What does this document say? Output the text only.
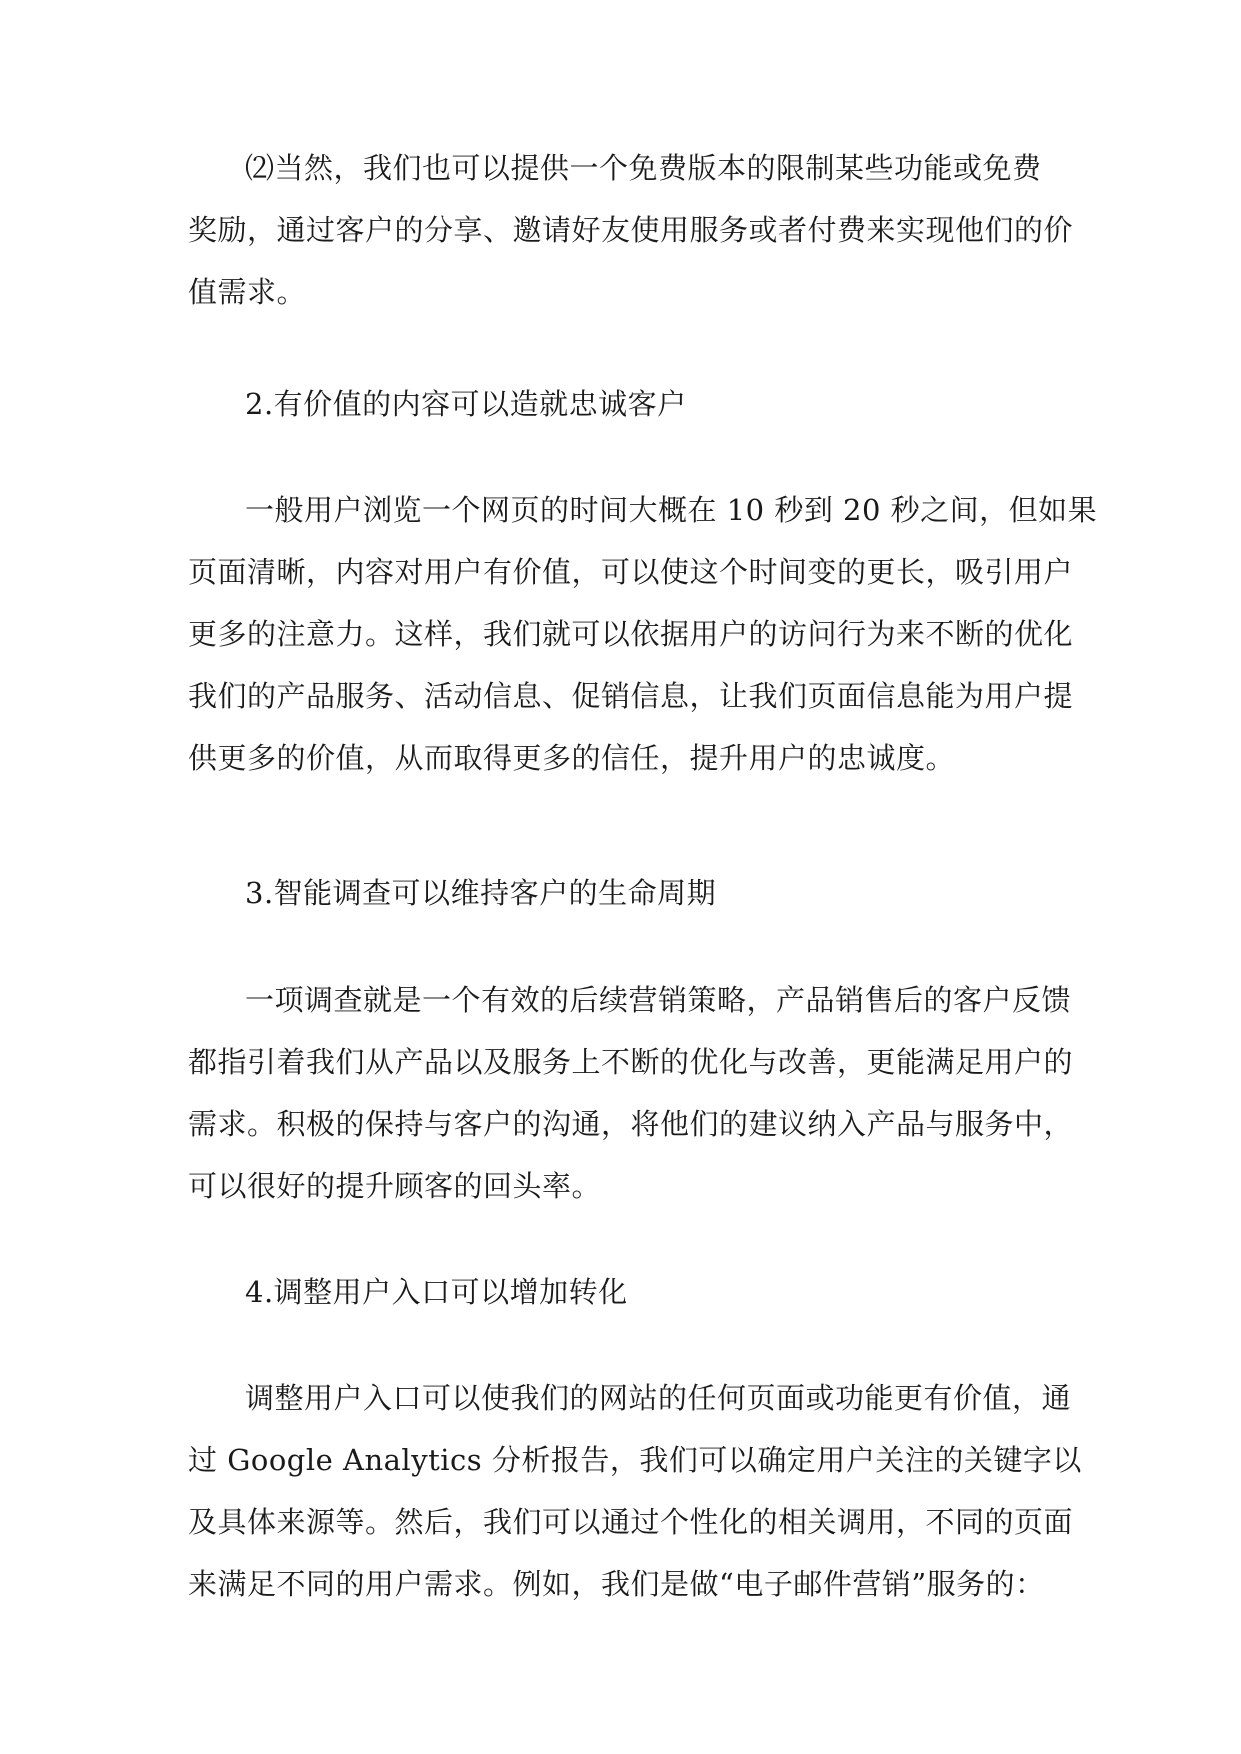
⑵当然，我们也可以提供一个免费版本的限制某些功能或免费
奖励，通过客户的分享、邀请好友使用服务或者付费来实现他们的价
值需求。
2.有价值的内容可以造就忠诚客户
一般用户浏览一个网页的时间大概在 10 秒到 20 秒之间，但如果
页面清晰，内容对用户有价值，可以使这个时间变的更长，吸引用户
更多的注意力。这样，我们就可以依据用户的访问行为来不断的优化
我们的产品服务、活动信息、促销信息，让我们页面信息能为用户提
供更多的价值，从而取得更多的信任，提升用户的忠诚度。
3.智能调查可以维持客户的生命周期
一项调查就是一个有效的后续营销策略，产品销售后的客户反馈
都指引着我们从产品以及服务上不断的优化与改善，更能满足用户的
需求。积极的保持与客户的沟通，将他们的建议纳入产品与服务中，
可以很好的提升顾客的回头率。
4.调整用户入口可以增加转化
调整用户入口可以使我们的网站的任何页面或功能更有价值，通
过 Google Analytics 分析报告，我们可以确定用户关注的关键字以
及具体来源等。然后，我们可以通过个性化的相关调用，不同的页面
来满足不同的用户需求。例如，我们是做“电子邮件营销”服务的：
